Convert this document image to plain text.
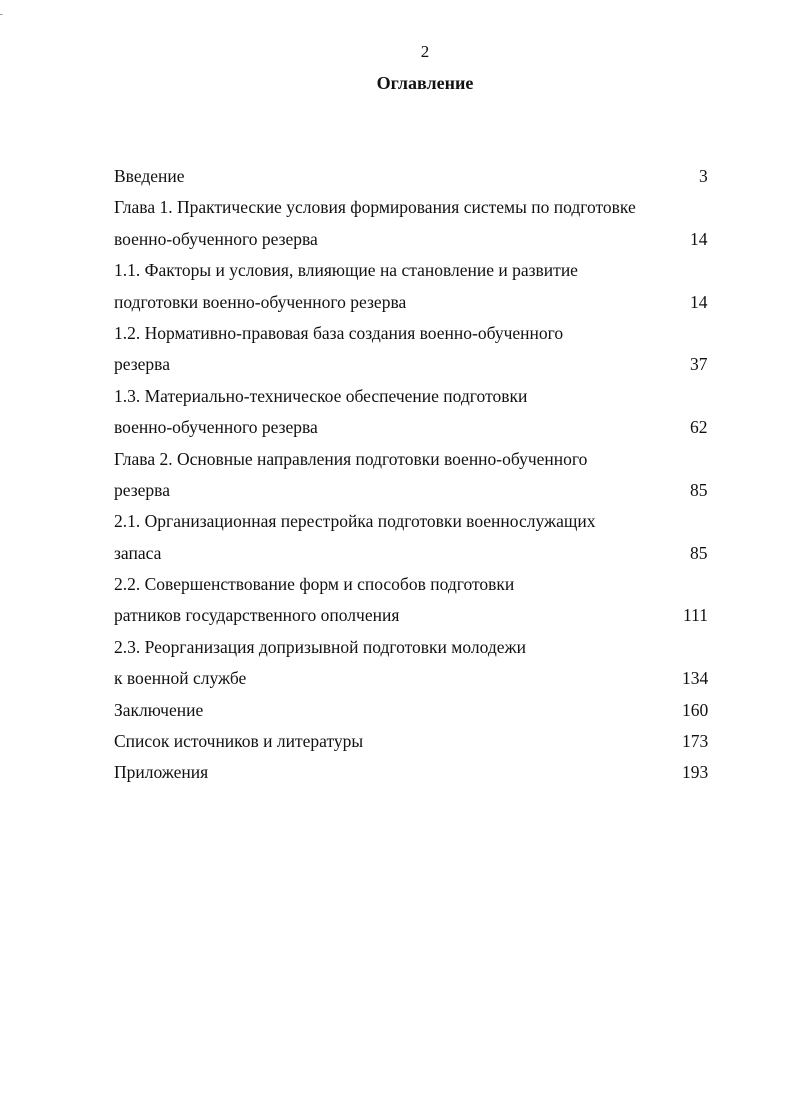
ˍ
2
Оглавление
Введение	3
Глава 1. Практические условия формирования системы по подготовке
военно-обученного резерва	14
1.1. Факторы и условия, влияющие на становление и развитие
подготовки военно-обученного резерва	14
1.2. Нормативно-правовая база создания военно-обученного
резерва	37
1.3. Материально-техническое обеспечение подготовки
военно-обученного резерва	62
Глава 2. Основные направления подготовки военно-обученного
резерва	85
2.1. Организационная перестройка подготовки военнослужащих
запаса	85
2.2. Совершенствование форм и способов подготовки
ратников государственного ополчения	111
2.3. Реорганизация допризывной подготовки молодежи
к военной службе	134
Заключение	160
Список источников и литературы	173
Приложения	193
